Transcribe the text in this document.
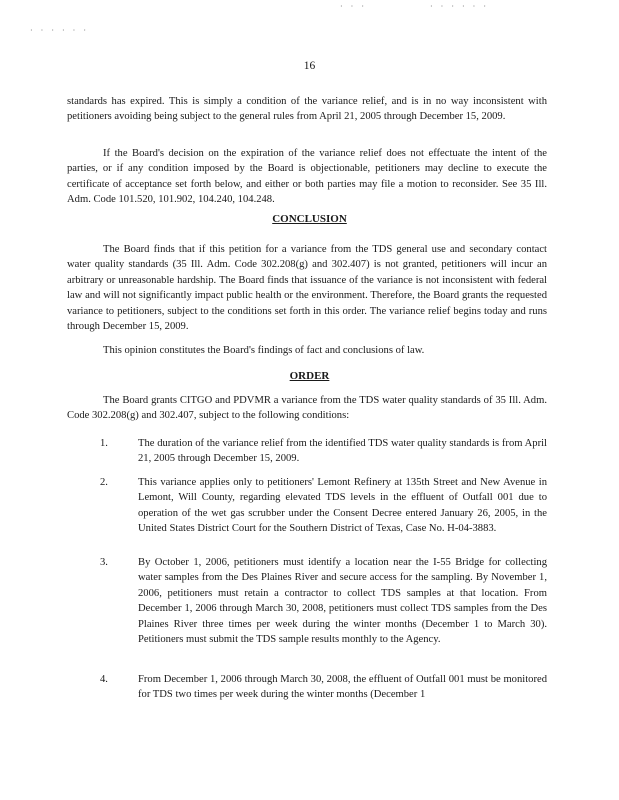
· · · · · ·
· · ·	· · · · · ·
16
standards has expired. This is simply a condition of the variance relief, and is in no way inconsistent with petitioners avoiding being subject to the general rules from April 21, 2005 through December 15, 2009.
If the Board's decision on the expiration of the variance relief does not effectuate the intent of the parties, or if any condition imposed by the Board is objectionable, petitioners may decline to execute the certificate of acceptance set forth below, and either or both parties may file a motion to reconsider. See 35 Ill. Adm. Code 101.520, 101.902, 104.240, 104.248.
CONCLUSION
The Board finds that if this petition for a variance from the TDS general use and secondary contact water quality standards (35 Ill. Adm. Code 302.208(g) and 302.407) is not granted, petitioners will incur an arbitrary or unreasonable hardship. The Board finds that issuance of the variance is not inconsistent with federal law and will not significantly impact public health or the environment. Therefore, the Board grants the requested variance to petitioners, subject to the conditions set forth in this order. The variance relief begins today and runs through December 15, 2009.
This opinion constitutes the Board's findings of fact and conclusions of law.
ORDER
The Board grants CITGO and PDVMR a variance from the TDS water quality standards of 35 Ill. Adm. Code 302.208(g) and 302.407, subject to the following conditions:
1.	The duration of the variance relief from the identified TDS water quality standards is from April 21, 2005 through December 15, 2009.
2.	This variance applies only to petitioners' Lemont Refinery at 135th Street and New Avenue in Lemont, Will County, regarding elevated TDS levels in the effluent of Outfall 001 due to operation of the wet gas scrubber under the Consent Decree entered January 26, 2005, in the United States District Court for the Southern District of Texas, Case No. H-04-3883.
3.	By October 1, 2006, petitioners must identify a location near the I-55 Bridge for collecting water samples from the Des Plaines River and secure access for the sampling. By November 1, 2006, petitioners must retain a contractor to collect TDS samples at that location. From December 1, 2006 through March 30, 2008, petitioners must collect TDS samples from the Des Plaines River three times per week during the winter months (December 1 to March 30). Petitioners must submit the TDS sample results monthly to the Agency.
4.	From December 1, 2006 through March 30, 2008, the effluent of Outfall 001 must be monitored for TDS two times per week during the winter months (December 1
